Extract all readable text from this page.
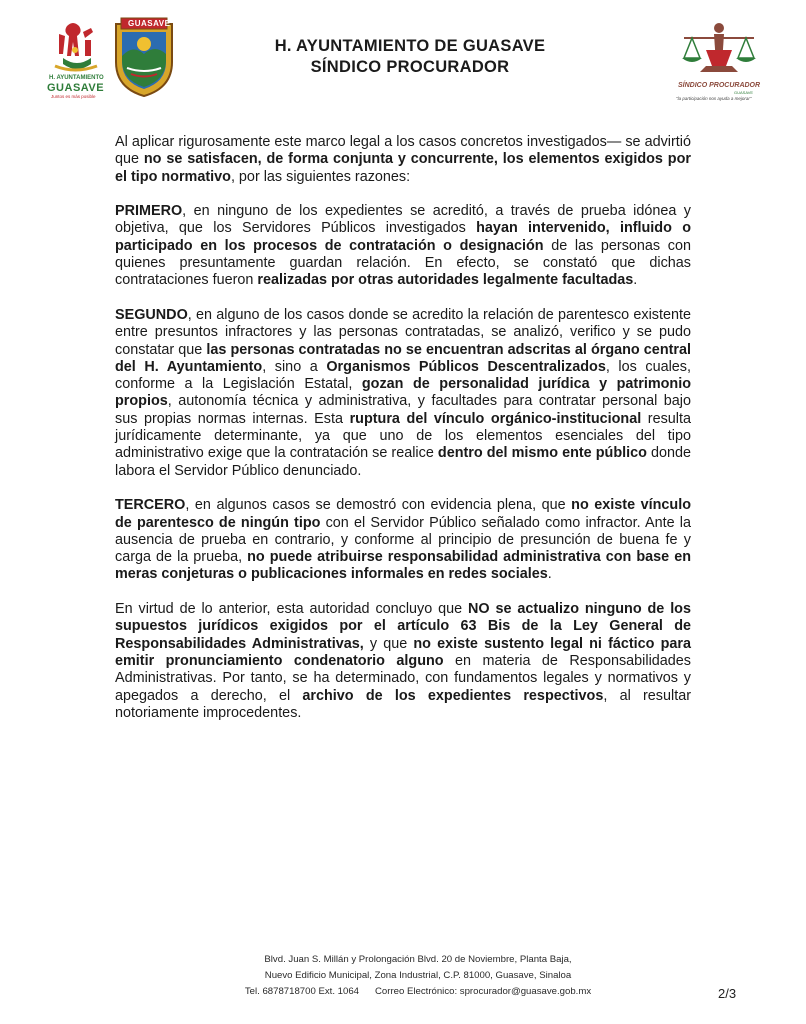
H. AYUNTAMIENTO
GUASAVE
Juntos es más posible
GUASAVE
H. AYUNTAMIENTO DE GUASAVE
SÍNDICO PROCURADOR
SÍNDICO PROCURADOR
GUASAVE
"la participación nos ayuda a mejorar"

Al aplicar rigurosamente este marco legal a los casos concretos investigados— se advirtió que no se satisfacen, de forma conjunta y concurrente, los elementos exigidos por el tipo normativo, por las siguientes razones:

PRIMERO, en ninguno de los expedientes se acreditó, a través de prueba idónea y objetiva, que los Servidores Públicos investigados hayan intervenido, influido o participado en los procesos de contratación o designación de las personas con quienes presuntamente guardan relación. En efecto, se constató que dichas contrataciones fueron realizadas por otras autoridades legalmente facultadas.

SEGUNDO, en alguno de los casos donde se acredito la relación de parentesco existente entre presuntos infractores y las personas contratadas, se analizó, verifico y se pudo constatar que las personas contratadas no se encuentran adscritas al órgano central del H. Ayuntamiento, sino a Organismos Públicos Descentralizados, los cuales, conforme a la Legislación Estatal, gozan de personalidad jurídica y patrimonio propios, autonomía técnica y administrativa, y facultades para contratar personal bajo sus propias normas internas. Esta ruptura del vínculo orgánico-institucional resulta jurídicamente determinante, ya que uno de los elementos esenciales del tipo administrativo exige que la contratación se realice dentro del mismo ente público donde labora el Servidor Público denunciado.

TERCERO, en algunos casos se demostró con evidencia plena, que no existe vínculo de parentesco de ningún tipo con el Servidor Público señalado como infractor. Ante la ausencia de prueba en contrario, y conforme al principio de presunción de buena fe y carga de la prueba, no puede atribuirse responsabilidad administrativa con base en meras conjeturas o publicaciones informales en redes sociales.

En virtud de lo anterior, esta autoridad concluyo que NO se actualizo ninguno de los supuestos jurídicos exigidos por el artículo 63 Bis de la Ley General de Responsabilidades Administrativas, y que no existe sustento legal ni fáctico para emitir pronunciamiento condenatorio alguno en materia de Responsabilidades Administrativas. Por tanto, se ha determinado, con fundamentos legales y normativos y apegados a derecho, el archivo de los expedientes respectivos, al resultar notoriamente improcedentes.

Blvd. Juan S. Millán y Prolongación Blvd. 20 de Noviembre, Planta Baja,
Nuevo Edificio Municipal, Zona Industrial, C.P. 81000, Guasave, Sinaloa
Tel. 6878718700 Ext. 1064      Correo Electrónico: sprocurador@guasave.gob.mx	2/3
